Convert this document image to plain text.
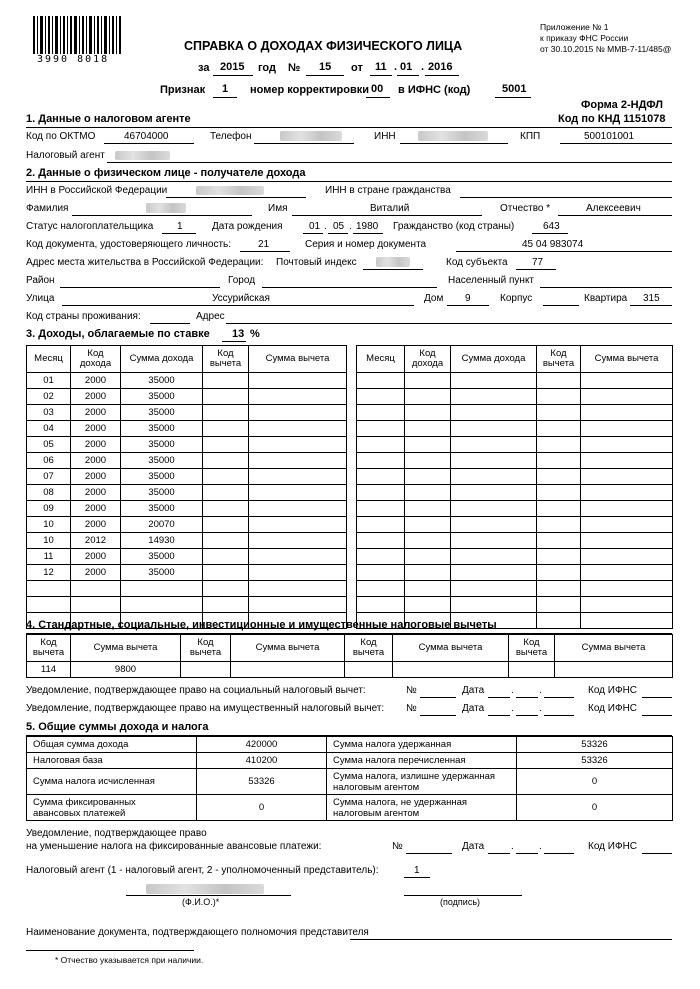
3990 8018
Приложение № 1
к приказу ФНС России
от 30.10.2015 № ММВ-7-11/485@
СПРАВКА О ДОХОДАХ ФИЗИЧЕСКОГО ЛИЦА
за 2015 год № 15 от 11 . 01 . 2016
Признак 1 номер корректировки 00 в ИФНС (код)	5001
Форма 2-НДФЛ
Код по КНД 1151078
1. Данные о налоговом агенте
Код по ОКТМО	46704000	Телефон	ИНН	КПП	500101001
Налоговый агент
2. Данные о физическом лице - получателе дохода
ИНН в Российской Федерации	ИНН в стране гражданства
Фамилия	Имя	Виталий	Отчество *	Алексеевич
Статус налогоплательщика 1	Дата рождения	01 . 05 . 1980 Гражданство (код страны)	643
Код документа, удостоверяющего личность:	21	Серия и номер документа	45 04 983074
Адрес места жительства в Российской Федерации: Почтовый индекс	Код субъекта 77
Район	Город	Населенный пункт
Улица	Уссурийская	Дом 9	Корпус	Квартира 315
Код страны проживания:	Адрес
3. Доходы, облагаемые по ставке 13 %
Месяц	Код дохода	Сумма дохода	Код вычета	Сумма вычета
01	2000	35000		
02	2000	35000		
03	2000	35000		
04	2000	35000		
05	2000	35000		
06	2000	35000		
07	2000	35000		
08	2000	35000		
09	2000	35000		
10	2000	20070		
10	2012	14930		
11	2000	35000		
12	2000	35000		

Месяц	Код дохода	Сумма дохода	Код вычета	Сумма вычета

4. Стандартные, социальные, инвестиционные и имущественные налоговые вычеты
Код вычета	Сумма вычета	Код вычета	Сумма вычета	Код вычета	Сумма вычета	Код вычета	Сумма вычета
114	9800						
Уведомление, подтверждающее право на социальный налоговый вычет:	№	Дата	.	.	Код ИФНС
Уведомление, подтверждающее право на имущественный налоговый вычет: №	Дата	.	.	Код ИФНС
5. Общие суммы дохода и налога
Общая сумма дохода	420000	Сумма налога удержанная	53326
Налоговая база	410200	Сумма налога перечисленная	53326
Сумма налога исчисленная	53326	Сумма налога, излишне удержанная
налоговым агентом	0
Сумма фиксированных
авансовых платежей	0	Сумма налога, не удержанная
налоговым агентом	0
Уведомление, подтверждающее право
на уменьшение налога на фиксированные авансовые платежи:	№	Дата	.	.	Код ИФНС
Налоговый агент (1 - налоговый агент, 2 - уполномоченный представитель):	1
(Ф.И.О.)*	(подпись)
Наименование документа, подтверждающего полномочия представителя
* Отчество указывается при наличии.
